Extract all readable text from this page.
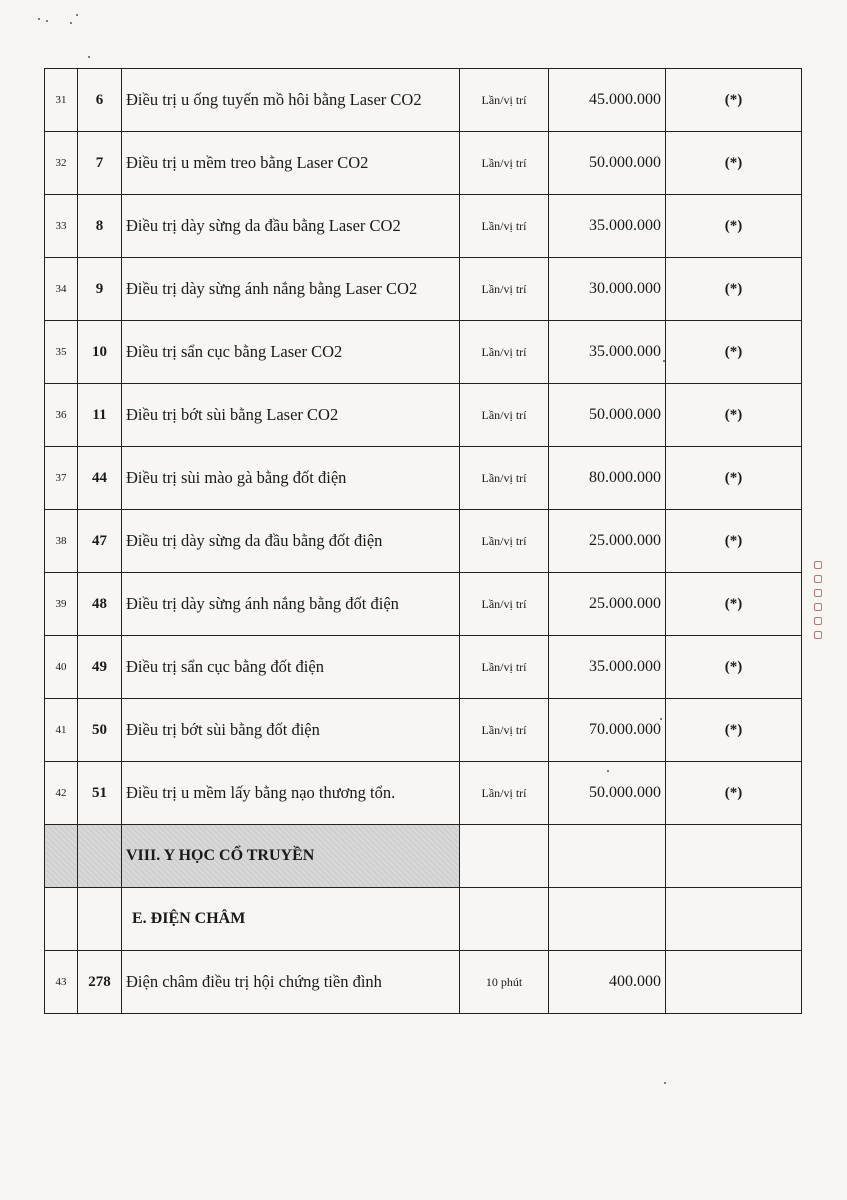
31	6	Điều trị u ống tuyến mồ hôi bằng Laser CO2	Lần/vị trí	45.000.000	(*)
32	7	Điều trị u mềm treo bằng Laser CO2	Lần/vị trí	50.000.000	(*)
33	8	Điều trị dày sừng da đầu bằng Laser CO2	Lần/vị trí	35.000.000	(*)
34	9	Điều trị dày sừng ánh nắng bằng Laser CO2	Lần/vị trí	30.000.000	(*)
35	10	Điều trị sẩn cục bằng Laser CO2	Lần/vị trí	35.000.000	(*)
36	11	Điều trị bớt sùi bằng Laser CO2	Lần/vị trí	50.000.000	(*)
37	44	Điều trị sùi mào gà bằng đốt điện	Lần/vị trí	80.000.000	(*)
38	47	Điều trị dày sừng da đầu bằng đốt điện	Lần/vị trí	25.000.000	(*)
39	48	Điều trị dày sừng ánh nắng bằng đốt điện	Lần/vị trí	25.000.000	(*)
40	49	Điều trị sẩn cục bằng đốt điện	Lần/vị trí	35.000.000	(*)
41	50	Điều trị bớt sùi bằng đốt điện	Lần/vị trí	70.000.000	(*)
42	51	Điều trị u mềm lấy bằng nạo thương tổn.	Lần/vị trí	50.000.000	(*)
		VIII. Y HỌC CỔ TRUYỀN			
		E. ĐIỆN CHÂM			
43	278	Điện châm điều trị hội chứng tiền đình	10 phút	400.000	
